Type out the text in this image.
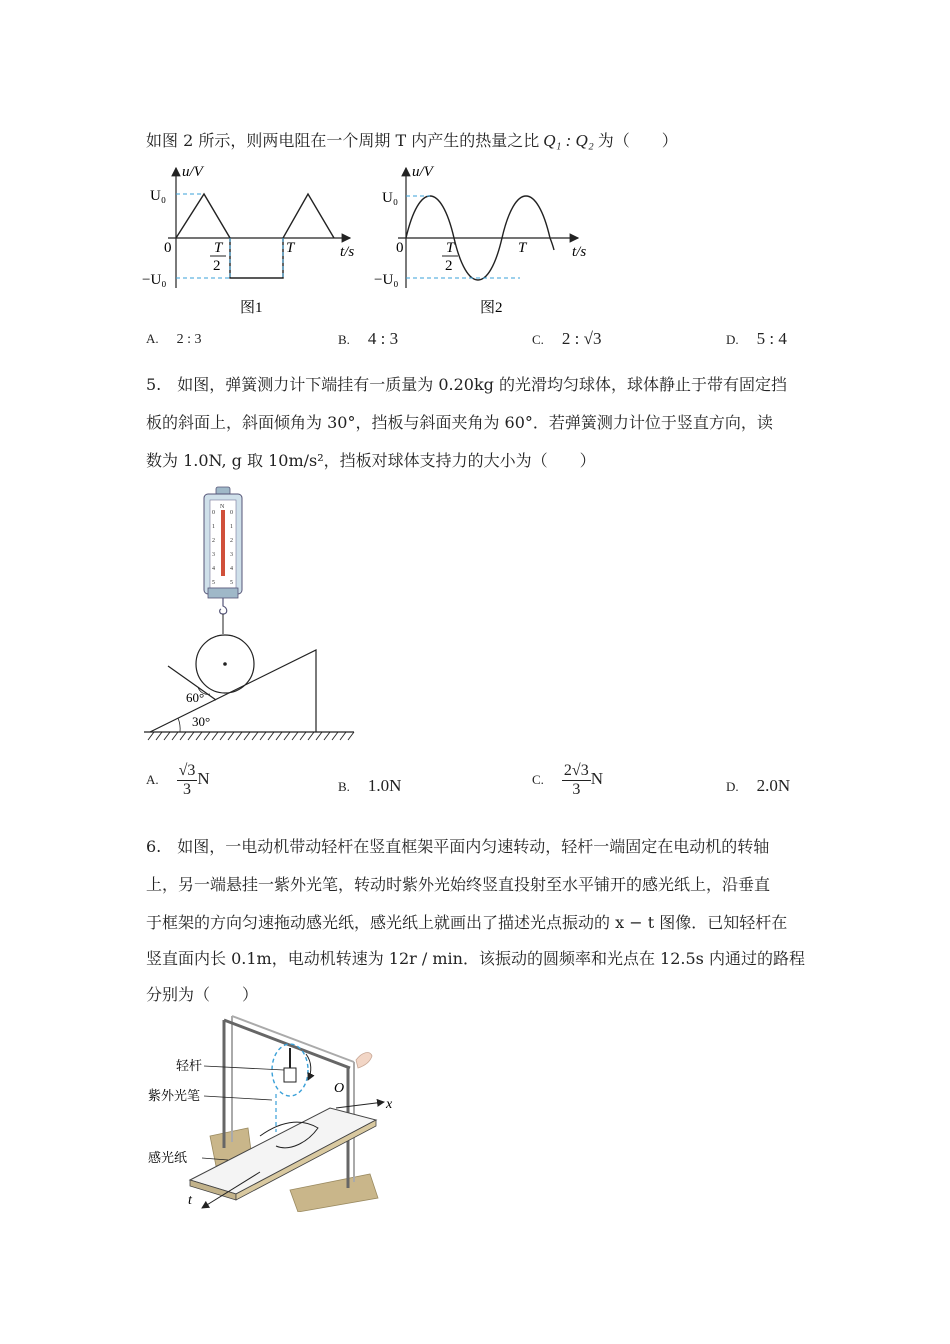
如图 2 所示，则两电阻在一个周期 T 内产生的热量之比 Q₁ : Q₂ 为（　　）
u/V
U₀
0	T
2
T	t/s
−U₀
图1
u/V
U₀
0	T
2
T	t/s
−U₀
图2
A. 2 : 3	B. 4 : 3	C. 2 : √3	D. 5 : 4
5.　如图，弹簧测力计下端挂有一质量为 0.20kg 的光滑均匀球体，球体静止于带有固定挡
板的斜面上，斜面倾角为 30°，挡板与斜面夹角为 60°．若弹簧测力计位于竖直方向，读
数为 1.0N, g 取 10m/s²，挡板对球体支持力的大小为（　　）
N
0
1
2
3
4
5
0
1
2
3
4
5
60°
30°
A. $\frac{√3}{3}$ N	B. 1.0N	C. $\frac{2√3}{3}$ N	D. 2.0N
6.　如图，一电动机带动轻杆在竖直框架平面内匀速转动，轻杆一端固定在电动机的转轴
上，另一端悬挂一紫外光笔，转动时紫外光始终竖直投射至水平铺开的感光纸上，沿垂直
于框架的方向匀速拖动感光纸，感光纸上就画出了描述光点振动的 x − t 图像．已知轻杆在
竖直面内长 0.1m，电动机转速为 12r / min．该振动的圆频率和光点在 12.5s 内通过的路程
分别为（　　）
O
x
t
轻杆
紫外光笔
感光纸
